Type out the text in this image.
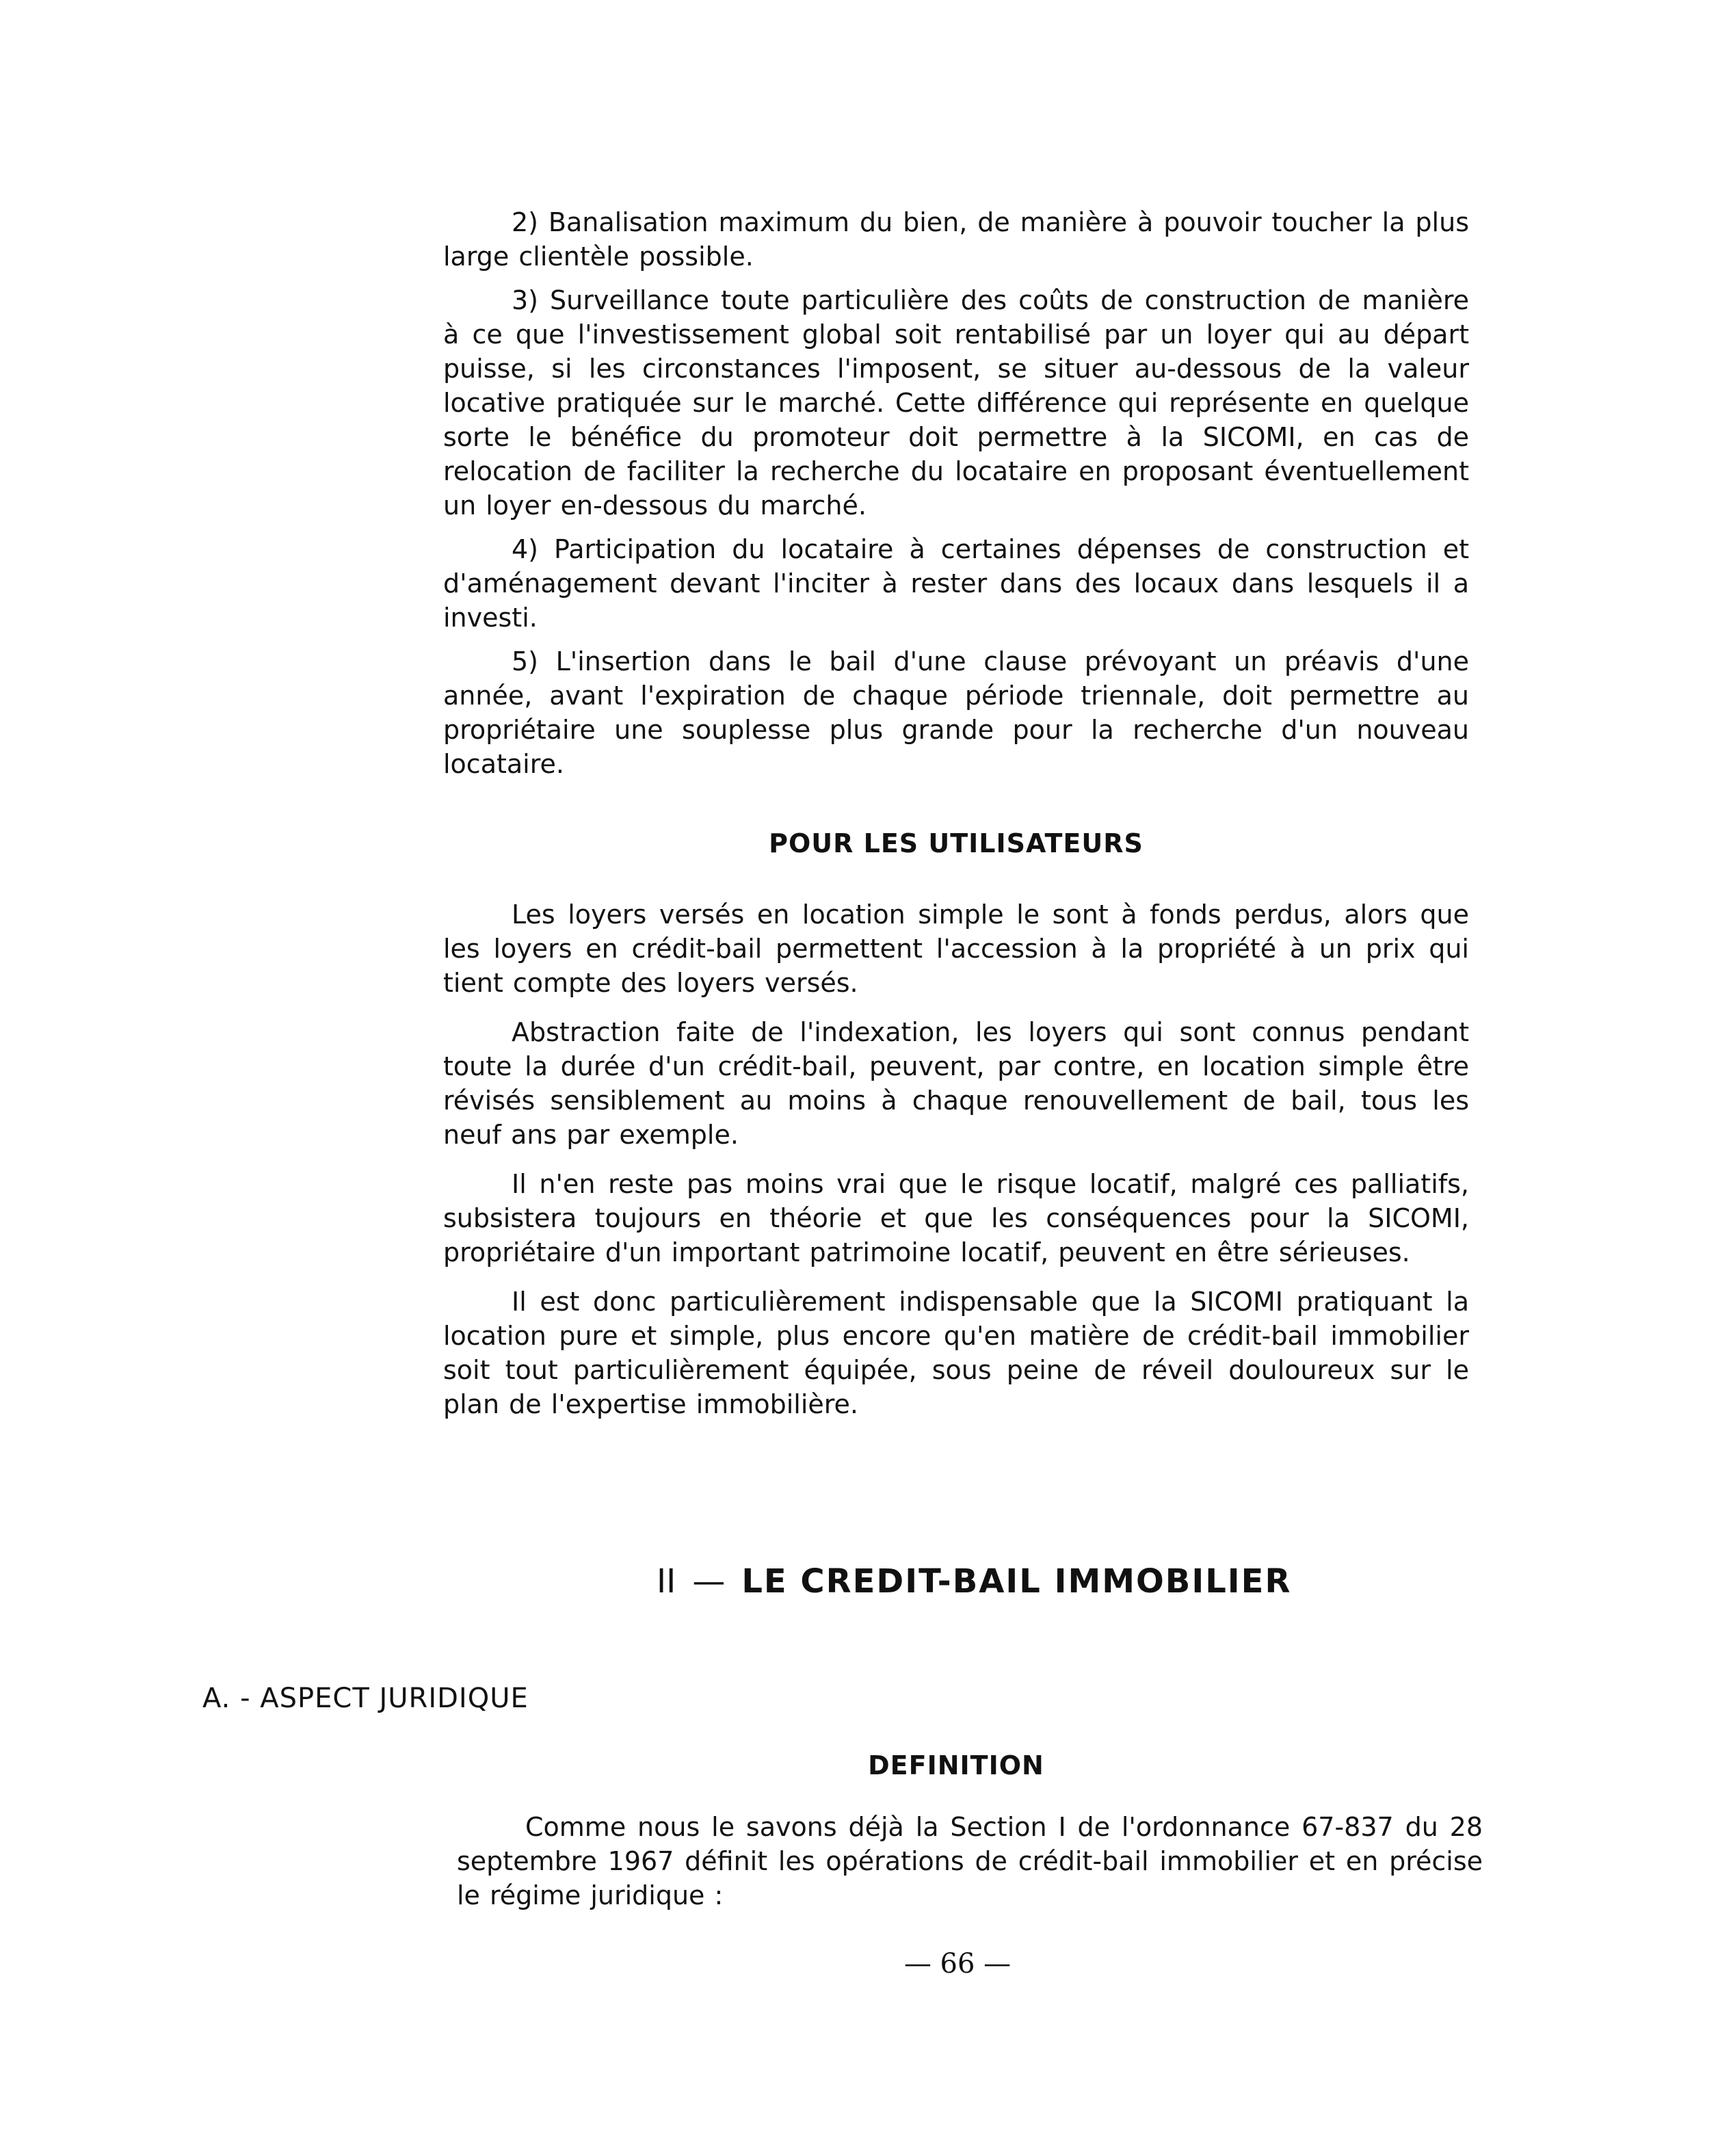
2) Banalisation maximum du bien, de manière à pouvoir toucher la plus large clientèle possible.

3) Surveillance toute particulière des coûts de construction de manière à ce que l'investissement global soit rentabilisé par un loyer qui au départ puisse, si les circonstances l'imposent, se situer au-dessous de la valeur locative pratiquée sur le marché. Cette différence qui représente en quelque sorte le bénéfice du promoteur doit permettre à la SICOMI, en cas de relocation de faciliter la recherche du locataire en proposant éventuellement un loyer en-dessous du marché.

4) Participation du locataire à certaines dépenses de construction et d'aménagement devant l'inciter à rester dans des locaux dans lesquels il a investi.

5) L'insertion dans le bail d'une clause prévoyant un préavis d'une année, avant l'expiration de chaque période triennale, doit permettre au propriétaire une souplesse plus grande pour la recherche d'un nouveau locataire.

POUR LES UTILISATEURS

Les loyers versés en location simple le sont à fonds perdus, alors que les loyers en crédit-bail permettent l'accession à la propriété à un prix qui tient compte des loyers versés.

Abstraction faite de l'indexation, les loyers qui sont connus pendant toute la durée d'un crédit-bail, peuvent, par contre, en location simple être révisés sensiblement au moins à chaque renouvellement de bail, tous les neuf ans par exemple.

Il n'en reste pas moins vrai que le risque locatif, malgré ces palliatifs, subsistera toujours en théorie et que les conséquences pour la SICOMI, propriétaire d'un important patrimoine locatif, peuvent en être sérieuses.

Il est donc particulièrement indispensable que la SICOMI pratiquant la location pure et simple, plus encore qu'en matière de crédit-bail immobilier soit tout particulièrement équipée, sous peine de réveil douloureux sur le plan de l'expertise immobilière.

II — LE CREDIT-BAIL IMMOBILIER

A. - ASPECT JURIDIQUE

DEFINITION

Comme nous le savons déjà la Section I de l'ordonnance 67-837 du 28 septembre 1967 définit les opérations de crédit-bail immobilier et en précise le régime juridique :

— 66 —
